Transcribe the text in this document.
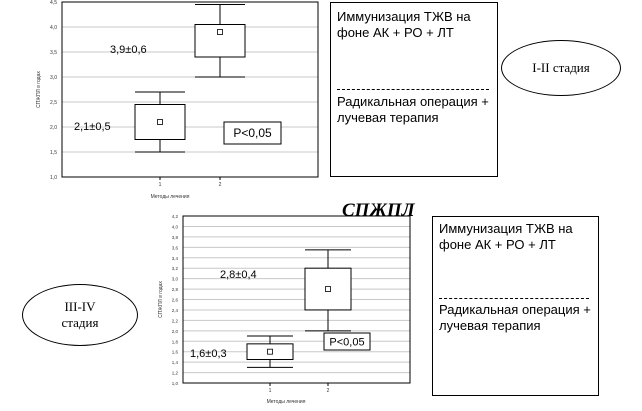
1,0
1,5
2,0
2,5
3,0
3,5
4,0
4,5
СПЖПЛ в годах
Методы лечения
1
2,1±0,5
2
3,9±0,6
P<0,05
1,0
1,2
1,4
1,6
1,8
2,0
2,2
2,4
2,6
2,8
3,0
3,2
3,4
3,6
3,8
4,0
4,2
СПЖПЛ в годах
Методы лечения
1
1,6±0,3
2
2,8±0,4
P<0,05
Иммунизация ТЖВ на фоне АК + РО + ЛТ
Радикальная операция + лучевая терапия
Иммунизация ТЖВ на фоне АК + РО + ЛТ
Радикальная операция + лучевая терапия
I-II стадия
III-IV стадия
СПЖПЛ
